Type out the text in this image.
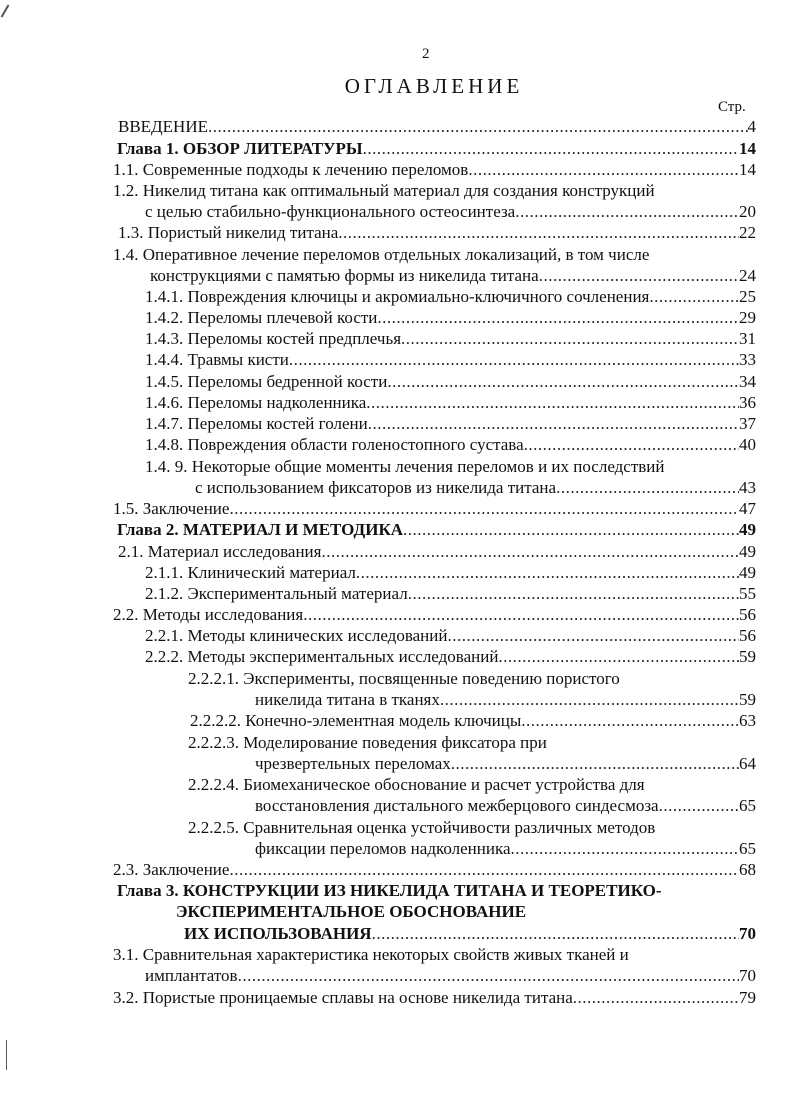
2
ОГЛАВЛЕНИЕ
Стр.
ВВЕДЕНИЕ .....	4
Глава 1. ОБЗОР ЛИТЕРАТУРЫ .....	14
1.1. Современные подходы к лечению переломов .....	14
1.2. Никелид титана как оптимальный материал для создания конструкций
с целью стабильно-функционального остеосинтеза .....	20
1.3. Пористый никелид титана .....	22
1.4. Оперативное лечение переломов отдельных локализаций, в том числе
конструкциями с памятью формы из никелида титана .....	24
1.4.1. Повреждения ключицы и акромиально-ключичного сочленения .....	25
1.4.2. Переломы плечевой кости .....	29
1.4.3. Переломы костей предплечья .....	31
1.4.4. Травмы кисти .....	33
1.4.5. Переломы бедренной кости .....	34
1.4.6. Переломы надколенника .....	36
1.4.7. Переломы костей голени .....	37
1.4.8. Повреждения области голеностопного сустава .....	40
1.4. 9. Некоторые общие моменты лечения переломов и их последствий
с использованием фиксаторов из никелида титана .....	43
1.5. Заключение .....	47
Глава 2. МАТЕРИАЛ И МЕТОДИКА .....	49
2.1. Материал исследования .....	49
2.1.1. Клинический материал .....	49
2.1.2. Экспериментальный материал .....	55
2.2. Методы исследования .....	56
2.2.1. Методы клинических исследований .....	56
2.2.2. Методы экспериментальных исследований .....	59
2.2.2.1. Эксперименты, посвященные поведению пористого
никелида титана в тканях .....	59
2.2.2.2. Конечно-элементная модель ключицы .....	63
2.2.2.3. Моделирование поведения фиксатора при
чрезвертельных переломах .....	64
2.2.2.4. Биомеханическое обоснование и расчет устройства для
восстановления дистального межберцового синдесмоза .....	65
2.2.2.5. Сравнительная оценка устойчивости различных методов
фиксации переломов надколенника .....	65
2.3. Заключение .....	68
Глава 3. КОНСТРУКЦИИ ИЗ НИКЕЛИДА ТИТАНА И ТЕОРЕТИКО-
ЭКСПЕРИМЕНТАЛЬНОЕ ОБОСНОВАНИЕ
ИХ ИСПОЛЬЗОВАНИЯ .....	70
3.1. Сравнительная характеристика некоторых свойств живых тканей и
имплантатов .....	70
3.2. Пористые проницаемые сплавы на основе никелида титана .....	79
